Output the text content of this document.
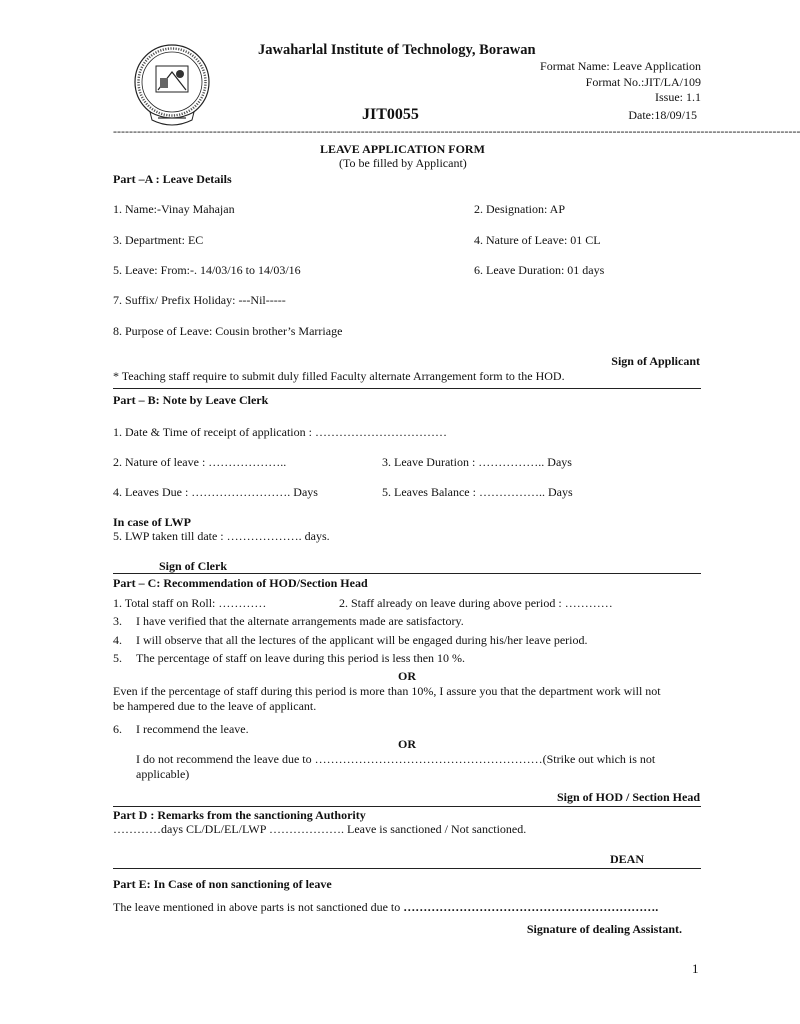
Jawaharlal Institute of Technology, Borawan
Format Name: Leave Application
Format No.:JIT/LA/109
Issue: 1.1
JIT0055	Date:18/09/15
----------------------------------------------------------------------------------------------------------------------------------------------------------------------------
LEAVE APPLICATION FORM
(To be filled by Applicant)
Part –A : Leave Details
1. Name:-Vinay Mahajan	2. Designation: AP
3. Department: EC	4. Nature of Leave: 01 CL
5. Leave: From:-. 14/03/16 to 14/03/16	6. Leave Duration: 01 days
7. Suffix/ Prefix Holiday: ---Nil-----
8. Purpose of Leave: Cousin brother’s Marriage
Sign of Applicant
* Teaching staff require to submit duly filled Faculty alternate Arrangement form to the HOD.
Part – B: Note by Leave Clerk
1. Date & Time of receipt of application : ……………………………
2. Nature of leave : ………………..	3. Leave Duration : …………….. Days
4. Leaves Due : ……………………. Days	5. Leaves Balance : …………….. Days
In case of LWP
5. LWP taken till date : ………………. days.
Sign of Clerk
Part – C: Recommendation of HOD/Section Head
1. Total staff on Roll: …………	2. Staff already on leave during above period : …………
3. I have verified that the alternate arrangements made are satisfactory.
4. I will observe that all the lectures of the applicant will be engaged during his/her leave period.
5. The percentage of staff on leave during this period is less then 10 %.
OR
Even if the percentage of staff during this period is more than 10%, I assure you that the department work will not
be hampered due to the leave of applicant.
6. I recommend the leave.
OR
I do not recommend the leave due to …………………………………………………(Strike out which is not
applicable)
Sign of HOD / Section Head
Part D : Remarks from the sanctioning Authority
…………days CL/DL/EL/LWP ………………. Leave is sanctioned / Not sanctioned.
DEAN
Part E: In Case of non sanctioning of leave
The leave mentioned in above parts is not sanctioned due to ……………………………………………………….
Signature of dealing Assistant.
1
